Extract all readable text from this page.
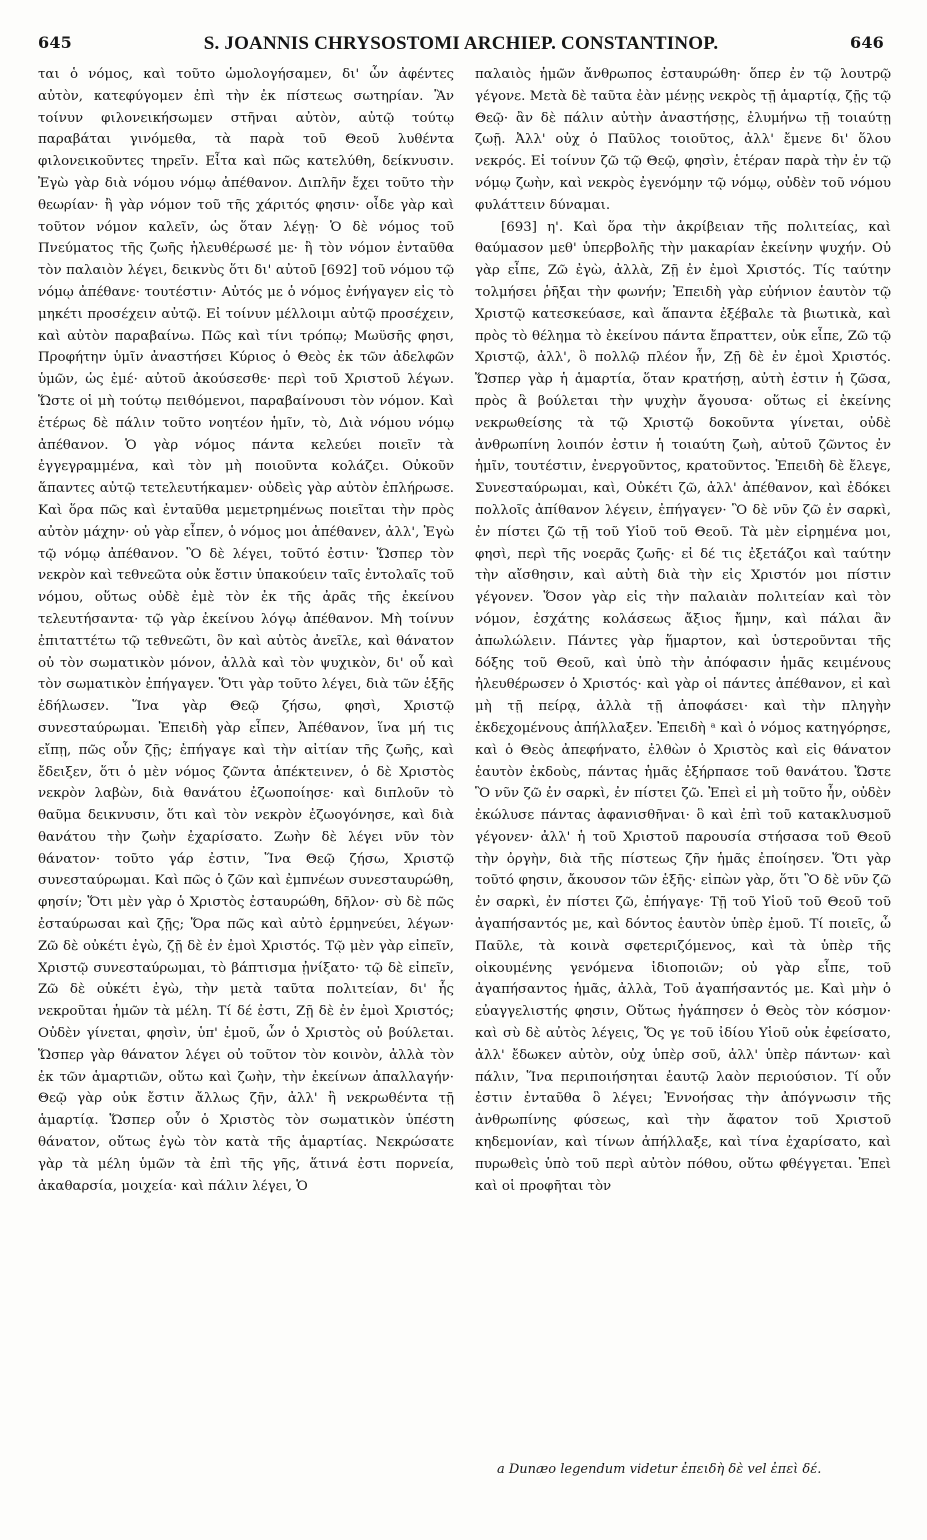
645	S. JOANNIS CHRYSOSTOMI ARCHIEP. CONSTANTINOP.	646

ται ὁ νόμος, καὶ τοῦτο ὡμολογήσαμεν, δι' ὧν ἀφέντες αὐτὸν, κατεφύγομεν ἐπὶ τὴν ἐκ πίστεως σωτηρίαν. Ἂν τοίνυν φιλονεικήσωμεν στῆναι αὐτὸν, αὐτῷ τούτῳ παραβάται γινόμεθα, τὰ παρὰ τοῦ Θεοῦ λυθέντα φιλονεικοῦντες τηρεῖν. Εἶτα καὶ πῶς κατελύθη, δείκνυσιν. Ἐγὼ γὰρ διὰ νόμου νόμῳ ἀπέθανον. Διπλῆν ἔχει τοῦτο τὴν θεωρίαν· ἢ γὰρ νόμον τοῦ τῆς χάριτός φησιν· οἶδε γὰρ καὶ τοῦτον νόμον καλεῖν, ὡς ὅταν λέγῃ· Ὁ δὲ νόμος τοῦ Πνεύματος τῆς ζωῆς ἠλευθέρωσέ με· ἢ τὸν νόμον ἐνταῦθα τὸν παλαιὸν λέγει, δεικνὺς ὅτι δι' αὐτοῦ [692] τοῦ νόμου τῷ νόμῳ ἀπέθανε· τουτέστιν· Αὐτός με ὁ νόμος ἐνήγαγεν εἰς τὸ μηκέτι προσέχειν αὐτῷ. Εἰ τοίνυν μέλλοιμι αὐτῷ προσέχειν, καὶ αὐτὸν παραβαίνω. Πῶς καὶ τίνι τρόπῳ; Μωϋσῆς φησι, Προφήτην ὑμῖν ἀναστήσει Κύριος ὁ Θεὸς ἐκ τῶν ἀδελφῶν ὑμῶν, ὡς ἐμέ· αὐτοῦ ἀκούσεσθε· περὶ τοῦ Χριστοῦ λέγων. Ὥστε οἱ μὴ τούτῳ πειθόμενοι, παραβαίνουσι τὸν νόμον. Καὶ ἑτέρως δὲ πάλιν τοῦτο νοητέον ἡμῖν, τὸ, Διὰ νόμου νόμῳ ἀπέθανον. Ὁ γὰρ νόμος πάντα κελεύει ποιεῖν τὰ ἐγγεγραμμένα, καὶ τὸν μὴ ποιοῦντα κολάζει. Οὐκοῦν ἅπαντες αὐτῷ τετελευτήκαμεν· οὐδεὶς γὰρ αὐτὸν ἐπλήρωσε. Καὶ ὅρα πῶς καὶ ἐνταῦθα μεμετρημένως ποιεῖται τὴν πρὸς αὐτὸν μάχην· οὐ γὰρ εἶπεν, ὁ νόμος μοι ἀπέθανεν, ἀλλ', Ἐγὼ τῷ νόμῳ ἀπέθανον. Ὃ δὲ λέγει, τοῦτό ἐστιν· Ὥσπερ τὸν νεκρὸν καὶ τεθνεῶτα οὐκ ἔστιν ὑπακούειν ταῖς ἐντολαῖς τοῦ νόμου, οὕτως οὐδὲ ἐμὲ τὸν ἐκ τῆς ἀρᾶς τῆς ἐκείνου τελευτήσαντα· τῷ γὰρ ἐκείνου λόγῳ ἀπέθανον. Μὴ τοίνυν ἐπιταττέτω τῷ τεθνεῶτι, ὃν καὶ αὐτὸς ἀνεῖλε, καὶ θάνατον οὐ τὸν σωματικὸν μόνον, ἀλλὰ καὶ τὸν ψυχικὸν, δι' οὗ καὶ τὸν σωματικὸν ἐπήγαγεν. Ὅτι γὰρ τοῦτο λέγει, διὰ τῶν ἑξῆς ἐδήλωσεν. Ἵνα γὰρ Θεῷ ζήσω, φησὶ, Χριστῷ συνεσταύρωμαι. Ἐπειδὴ γὰρ εἶπεν, Ἀπέθανον, ἵνα μή τις εἴπῃ, πῶς οὖν ζῇς; ἐπήγαγε καὶ τὴν αἰτίαν τῆς ζωῆς, καὶ ἔδειξεν, ὅτι ὁ μὲν νόμος ζῶντα ἀπέκτεινεν, ὁ δὲ Χριστὸς νεκρὸν λαβὼν, διὰ θανάτου ἐζωοποίησε· καὶ διπλοῦν τὸ θαῦμα δεικνυσιν, ὅτι καὶ τὸν νεκρὸν ἐζωογόνησε, καὶ διὰ θανάτου τὴν ζωὴν ἐχαρίσατο. Ζωὴν δὲ λέγει νῦν τὸν θάνατον· τοῦτο γάρ ἐστιν, Ἵνα Θεῷ ζήσω, Χριστῷ συνεσταύρωμαι. Καὶ πῶς ὁ ζῶν καὶ ἐμπνέων συνεσταυρώθη, φησίν; Ὅτι μὲν γὰρ ὁ Χριστὸς ἐσταυρώθη, δῆλον· σὺ δὲ πῶς ἐσταύρωσαι καὶ ζῇς; Ὅρα πῶς καὶ αὐτὸ ἑρμηνεύει, λέγων· Ζῶ δὲ οὐκέτι ἐγὼ, ζῇ δὲ ἐν ἐμοὶ Χριστός. Τῷ μὲν γὰρ εἰπεῖν, Χριστῷ συνεσταύρωμαι, τὸ βάπτισμα ᾐνίξατο· τῷ δὲ εἰπεῖν, Ζῶ δὲ οὐκέτι ἐγὼ, τὴν μετὰ ταῦτα πολιτείαν, δι' ἧς νεκροῦται ἡμῶν τὰ μέλη. Τί δέ ἐστι, Ζῇ δὲ ἐν ἐμοὶ Χριστός; Οὐδὲν γίνεται, φησὶν, ὑπ' ἐμοῦ, ὧν ὁ Χριστὸς οὐ βούλεται. Ὥσπερ γὰρ θάνατον λέγει οὐ τοῦτον τὸν κοινὸν, ἀλλὰ τὸν ἐκ τῶν ἁμαρτιῶν, οὕτω καὶ ζωὴν, τὴν ἐκείνων ἀπαλλαγήν· Θεῷ γὰρ οὐκ ἔστιν ἄλλως ζῆν, ἀλλ' ἢ νεκρωθέντα τῇ ἁμαρτίᾳ. Ὥσπερ οὖν ὁ Χριστὸς τὸν σωματικὸν ὑπέστη θάνατον, οὕτως ἐγὼ τὸν κατὰ τῆς ἁμαρτίας. Νεκρώσατε γὰρ τὰ μέλη ὑμῶν τὰ ἐπὶ τῆς γῆς, ἅτινά ἐστι πορνεία, ἀκαθαρσία, μοιχεία· καὶ πάλιν λέγει, Ὁ

παλαιὸς ἡμῶν ἄνθρωπος ἐσταυρώθη· ὅπερ ἐν τῷ λουτρῷ γέγονε. Μετὰ δὲ ταῦτα ἐὰν μένῃς νεκρὸς τῇ ἁμαρτίᾳ, ζῇς τῷ Θεῷ· ἂν δὲ πάλιν αὐτὴν ἀναστήσῃς, ἐλυμήνω τῇ τοιαύτῃ ζωῇ. Ἀλλ' οὐχ ὁ Παῦλος τοιοῦτος, ἀλλ' ἔμενε δι' ὅλου νεκρός. Εἰ τοίνυν ζῶ τῷ Θεῷ, φησὶν, ἑτέραν παρὰ τὴν ἐν τῷ νόμῳ ζωὴν, καὶ νεκρὸς ἐγενόμην τῷ νόμῳ, οὐδὲν τοῦ νόμου φυλάττειν δύναμαι.

[693] η'. Καὶ ὅρα τὴν ἀκρίβειαν τῆς πολιτείας, καὶ θαύμασον μεθ' ὑπερβολῆς τὴν μακαρίαν ἐκείνην ψυχήν. Οὐ γὰρ εἶπε, Ζῶ ἐγὼ, ἀλλὰ, Ζῇ ἐν ἐμοὶ Χριστός. Τίς ταύτην τολμήσει ῥῆξαι τὴν φωνήν; Ἐπειδὴ γὰρ εὐήνιον ἑαυτὸν τῷ Χριστῷ κατεσκεύασε, καὶ ἅπαντα ἐξέβαλε τὰ βιωτικὰ, καὶ πρὸς τὸ θέλημα τὸ ἐκείνου πάντα ἔπραττεν, οὐκ εἶπε, Ζῶ τῷ Χριστῷ, ἀλλ', ὃ πολλῷ πλέον ἦν, Ζῇ δὲ ἐν ἐμοὶ Χριστός. Ὥσπερ γὰρ ἡ ἁμαρτία, ὅταν κρατήσῃ, αὐτὴ ἐστιν ἡ ζῶσα, πρὸς ἃ βούλεται τὴν ψυχὴν ἄγουσα· οὕτως εἰ ἐκείνης νεκρωθείσης τὰ τῷ Χριστῷ δοκοῦντα γίνεται, οὐδὲ ἀνθρωπίνη λοιπόν ἐστιν ἡ τοιαύτη ζωὴ, αὐτοῦ ζῶντος ἐν ἡμῖν, τουτέστιν, ἐνεργοῦντος, κρατοῦντος. Ἐπειδὴ δὲ ἔλεγε, Συνεσταύρωμαι, καὶ, Οὐκέτι ζῶ, ἀλλ' ἀπέθανον, καὶ ἐδόκει πολλοῖς ἀπίθανον λέγειν, ἐπήγαγεν· Ὃ δὲ νῦν ζῶ ἐν σαρκὶ, ἐν πίστει ζῶ τῇ τοῦ Υἱοῦ τοῦ Θεοῦ. Τὰ μὲν εἰρημένα μοι, φησὶ, περὶ τῆς νοερᾶς ζωῆς· εἰ δέ τις ἐξετάζοι καὶ ταύτην τὴν αἴσθησιν, καὶ αὐτὴ διὰ τὴν εἰς Χριστόν μοι πίστιν γέγονεν. Ὅσον γὰρ εἰς τὴν παλαιὰν πολιτείαν καὶ τὸν νόμον, ἐσχάτης κολάσεως ἄξιος ἤμην, καὶ πάλαι ἂν ἀπωλώλειν. Πάντες γὰρ ἥμαρτον, καὶ ὑστεροῦνται τῆς δόξης τοῦ Θεοῦ, καὶ ὑπὸ τὴν ἀπόφασιν ἡμᾶς κειμένους ἠλευθέρωσεν ὁ Χριστός· καὶ γὰρ οἱ πάντες ἀπέθανον, εἰ καὶ μὴ τῇ πείρᾳ, ἀλλὰ τῇ ἀποφάσει· καὶ τὴν πληγὴν ἐκδεχομένους ἀπήλλαξεν. Ἐπειδὴ ᵃ καὶ ὁ νόμος κατηγόρησε, καὶ ὁ Θεὸς ἀπεφήνατο, ἐλθὼν ὁ Χριστὸς καὶ εἰς θάνατον ἑαυτὸν ἐκδοὺς, πάντας ἡμᾶς ἐξήρπασε τοῦ θανάτου. Ὥστε Ὃ νῦν ζῶ ἐν σαρκὶ, ἐν πίστει ζῶ. Ἐπεὶ εἰ μὴ τοῦτο ἦν, οὐδὲν ἐκώλυσε πάντας ἀφανισθῆναι· ὃ καὶ ἐπὶ τοῦ κατακλυσμοῦ γέγονεν· ἀλλ' ἡ τοῦ Χριστοῦ παρουσία στήσασα τοῦ Θεοῦ τὴν ὀργὴν, διὰ τῆς πίστεως ζῆν ἡμᾶς ἐποίησεν. Ὅτι γὰρ τοῦτό φησιν, ἄκουσον τῶν ἑξῆς· εἰπὼν γὰρ, ὅτι Ὃ δὲ νῦν ζῶ ἐν σαρκὶ, ἐν πίστει ζῶ, ἐπήγαγε· Τῇ τοῦ Υἱοῦ τοῦ Θεοῦ τοῦ ἀγαπήσαντός με, καὶ δόντος ἑαυτὸν ὑπὲρ ἐμοῦ. Τί ποιεῖς, ὦ Παῦλε, τὰ κοινὰ σφετεριζόμενος, καὶ τὰ ὑπὲρ τῆς οἰκουμένης γενόμενα ἰδιοποιῶν; οὐ γὰρ εἶπε, τοῦ ἀγαπήσαντος ἡμᾶς, ἀλλὰ, Τοῦ ἀγαπήσαντός με. Καὶ μὴν ὁ εὐαγγελιστής φησιν, Οὕτως ἠγάπησεν ὁ Θεὸς τὸν κόσμον· καὶ σὺ δὲ αὐτὸς λέγεις, Ὅς γε τοῦ ἰδίου Υἱοῦ οὐκ ἐφείσατο, ἀλλ' ἔδωκεν αὐτὸν, οὐχ ὑπὲρ σοῦ, ἀλλ' ὑπὲρ πάντων· καὶ πάλιν, Ἵνα περιποιήσηται ἑαυτῷ λαὸν περιούσιον. Τί οὖν ἐστιν ἐνταῦθα ὃ λέγει; Ἐννοήσας τὴν ἀπόγνωσιν τῆς ἀνθρωπίνης φύσεως, καὶ τὴν ἄφατον τοῦ Χριστοῦ κηδεμονίαν, καὶ τίνων ἀπήλλαξε, καὶ τίνα ἐχαρίσατο, καὶ πυρωθεὶς ὑπὸ τοῦ περὶ αὐτὸν πόθου, οὕτω φθέγγεται. Ἐπεὶ καὶ οἱ προφῆται τὸν

a Dunæo legendum videtur ἐπειδὴ δὲ vel ἐπεὶ δέ.
